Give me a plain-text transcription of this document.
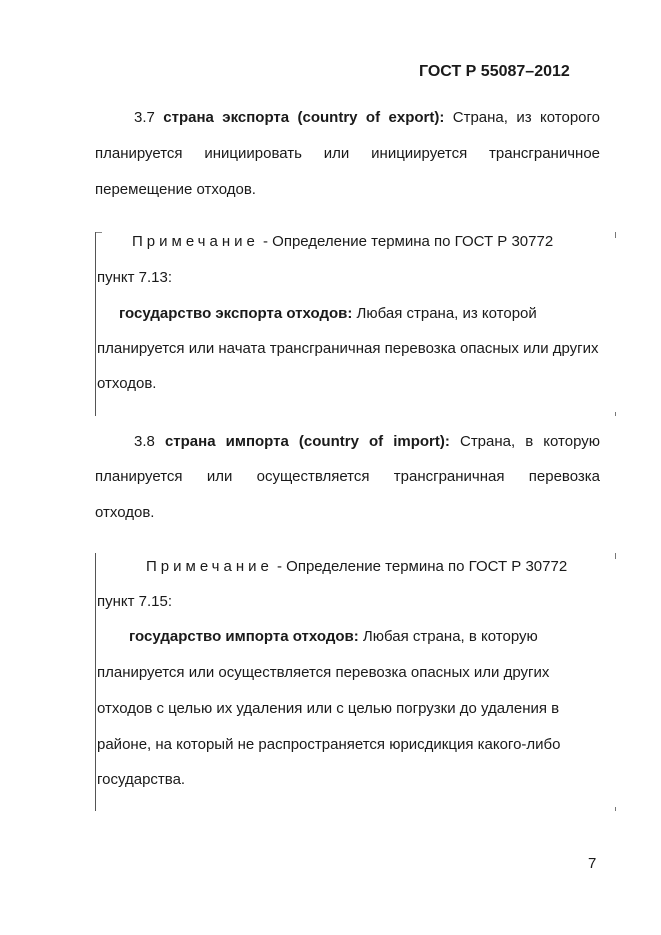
ГОСТ Р 55087–2012
3.7 страна экспорта (country of export): Страна, из которого
планируется инициировать или инициируется трансграничное
перемещение отходов.
Примечание - Определение термина по ГОСТ Р 30772
пункт 7.13:
государство экспорта отходов: Любая страна, из которой
планируется или начата трансграничная перевозка опасных или других
отходов.
3.8 страна импорта (country of import): Страна, в которую
планируется или осуществляется трансграничная перевозка
отходов.
Примечание - Определение термина по ГОСТ Р 30772
пункт 7.15:
государство импорта отходов: Любая страна, в которую
планируется или осуществляется перевозка опасных или других
отходов с целью их удаления или с целью погрузки до удаления в
районе, на который не распространяется юрисдикция какого-либо
государства.
7
